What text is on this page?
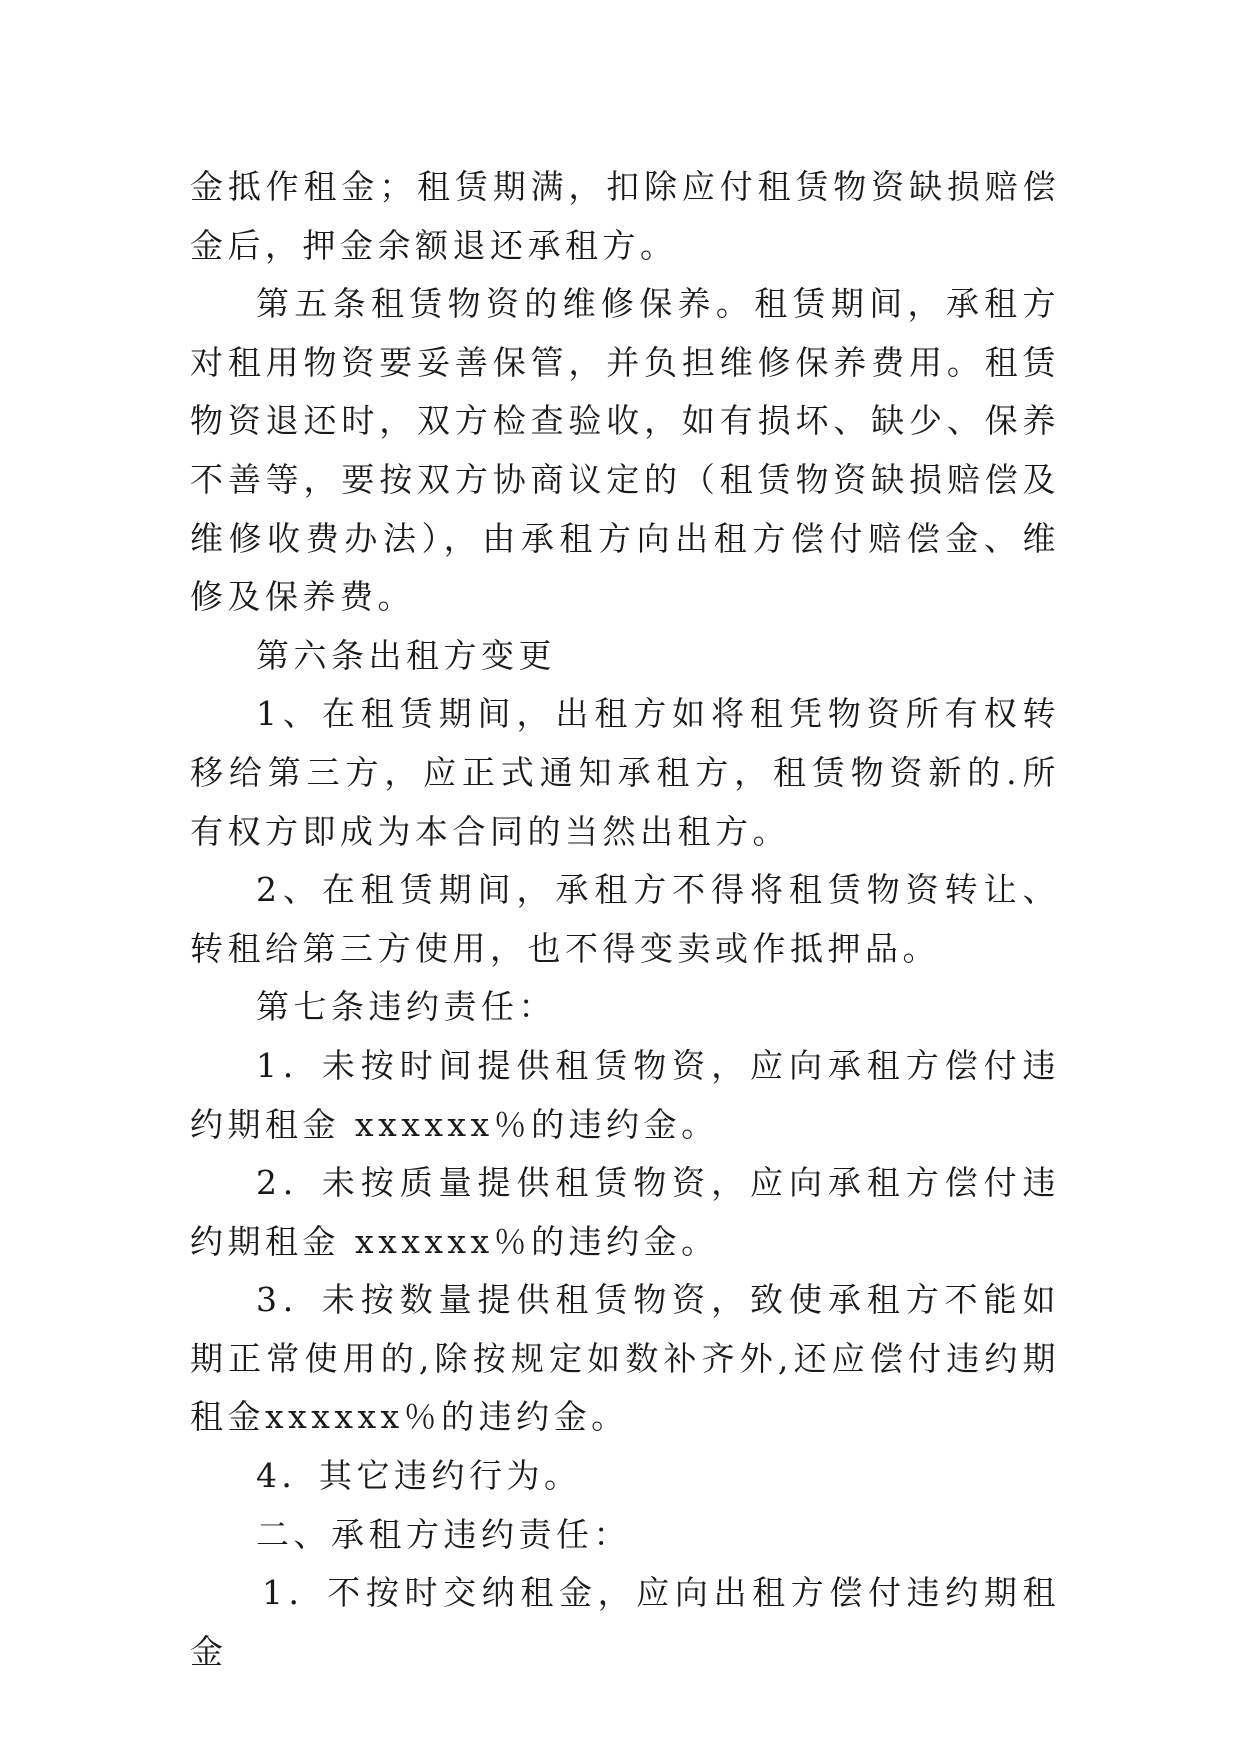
金抵作租金；租赁期满，扣除应付租赁物资缺损赔偿金后，押金余额退还承租方。

第五条租赁物资的维修保养。租赁期间，承租方对租用物资要妥善保管，并负担维修保养费用。租赁物资退还时，双方检查验收，如有损坏、缺少、保养不善等，要按双方协商议定的（租赁物资缺损赔偿及维修收费办法），由承租方向出租方偿付赔偿金、维修及保养费。

第六条出租方变更

1、在租赁期间，出租方如将租凭物资所有权转移给第三方，应正式通知承租方，租赁物资新的.所有权方即成为本合同的当然出租方。

2、在租赁期间，承租方不得将租赁物资转让、转租给第三方使用，也不得变卖或作抵押品。

第七条违约责任：

1．未按时间提供租赁物资，应向承租方偿付违约期租金 xxxxxx％的违约金。

2．未按质量提供租赁物资，应向承租方偿付违约期租金 xxxxxx％的违约金。

3．未按数量提供租赁物资，致使承租方不能如期正常使用的,除按规定如数补齐外,还应偿付违约期租金xxxxxx％的违约金。

4．其它违约行为。

二、承租方违约责任：

1．不按时交纳租金，应向出租方偿付违约期租金
